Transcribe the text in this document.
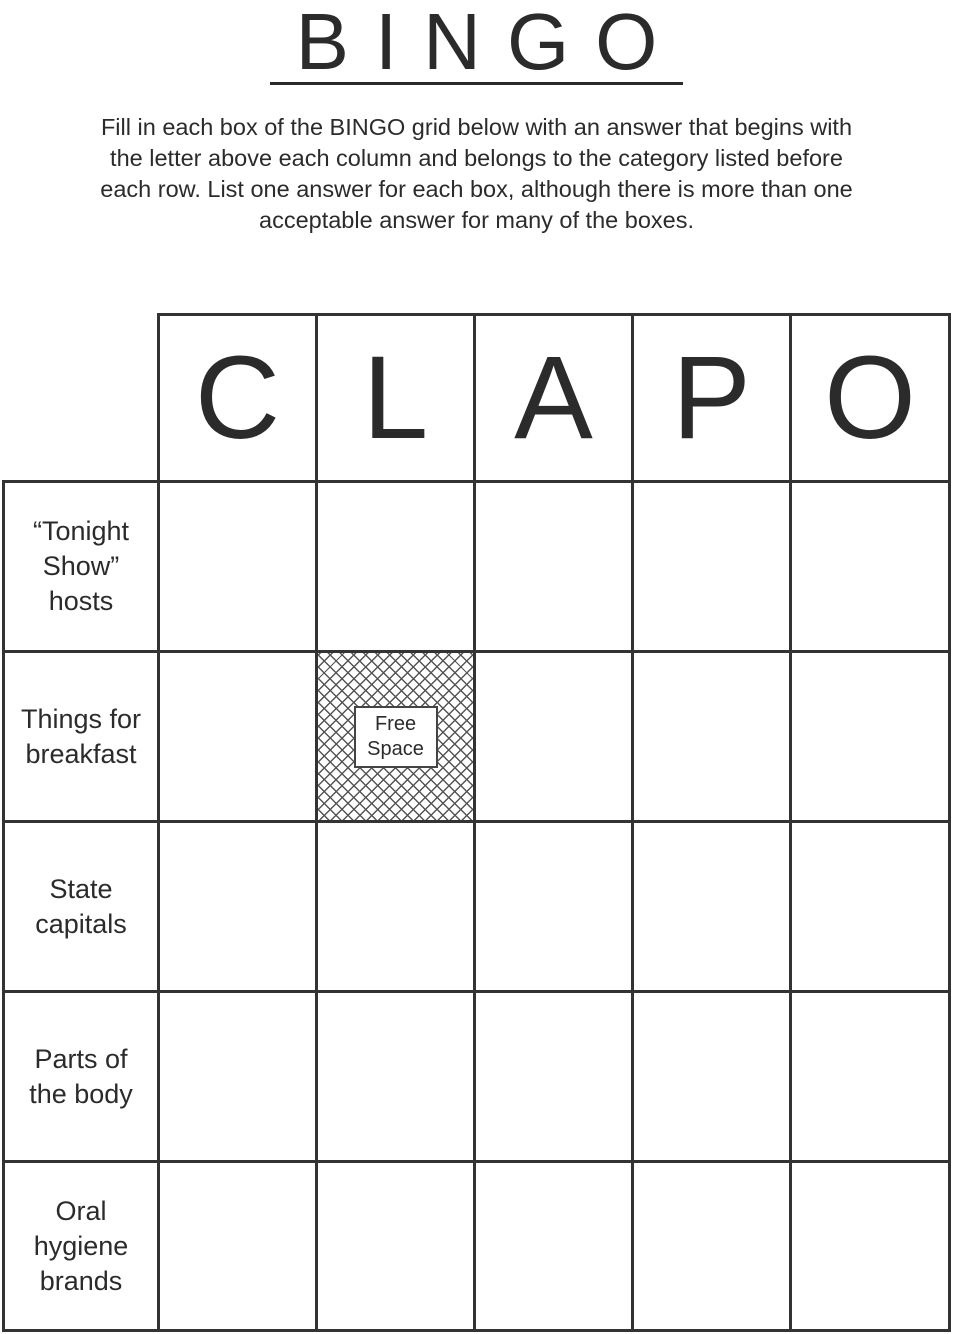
BINGO
Fill in each box of the BINGO grid below with an answer that begins with the letter above each column and belongs to the category listed before each row. List one answer for each box, although there is more than one acceptable answer for many of the boxes.
C L A P O
“Tonight
Show”
hosts
Things for
breakfast
Free
Space
State
capitals
Parts of
the body
Oral
hygiene
brands
